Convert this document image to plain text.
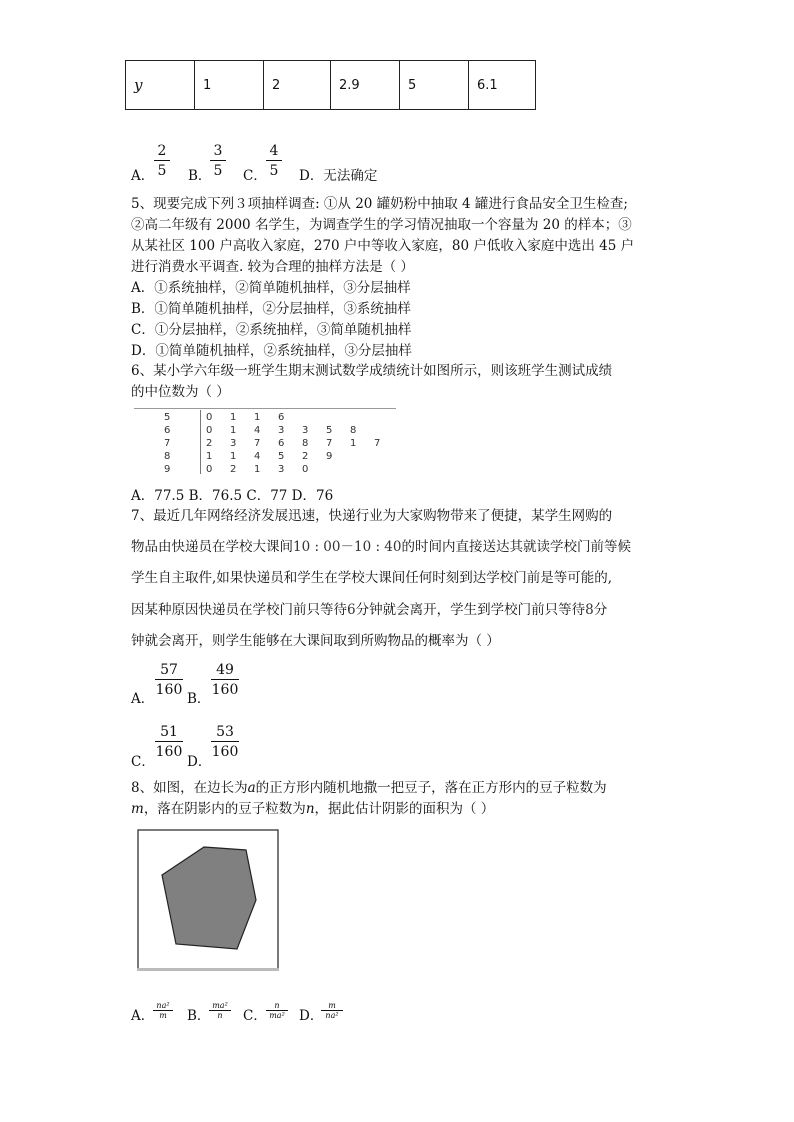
y	1	2	2.9	5	6.1
A． $\frac{2}{5}$ B．
$\frac{3}{5}$ C． $\frac{4}{5}$ D．无法确定
5、现要完成下列３项抽样调查: ①从 20 罐奶粉中抽取 4 罐进行食品安全卫生检查;
②高二年级有 2000 名学生，为调查学生的学习情况抽取一个容量为 20 的样本；③
从某社区 100 户高收入家庭，270 户中等收入家庭，80 户低收入家庭中选出 45 户
进行消费水平调查. 较为合理的抽样方法是（ ）
A．①系统抽样，②简单随机抽样，③分层抽样
B．①简单随机抽样，②分层抽样，③系统抽样
C．①分层抽样，②系统抽样，③简单随机抽样
D．①简单随机抽样，②系统抽样，③分层抽样
6、某小学六年级一班学生期末测试数学成绩统计如图所示，则该班学生测试成绩
的中位数为（ ）
5	0 1 1 6
6	0 1 4 3 3 5 8
7	2 3 7 6 8 7 1 7
8	1 1 4 5 2 9
9	0 2 1 3 0
A．77.5 B．76.5 C．77 D．76
7、最近几年网络经济发展迅速，快递行业为大家购物带来了便捷，某学生网购的
物品由快递员在学校大课间10 : 00－10 : 40的时间内直接送达其就读学校门前等候
学生自主取件,如果快递员和学生在学校大课间任何时刻到达学校门前是等可能的,
因某种原因快递员在学校门前只等待6分钟就会离开，学生到学校门前只等待8分
钟就会离开，则学生能够在大课间取到所购物品的概率为（ ）
A．
$\frac{57}{160}$
B．
$\frac{49}{160}$
C．
$\frac{51}{160}$
D．
$\frac{53}{160}$
8、如图，在边长为a的正方形内随机地撒一把豆子，落在正方形内的豆子粒数为
m，落在阴影内的豆子粒数为n，据此估计阴影的面积为（ ）
A．
$\frac{\text{na²}}{m}$ B．
$\frac{\text{ma²}}{n}$ C． $\frac{n}{\text{ma²}}$ D．
$\frac{m}{\text{na²}}$
